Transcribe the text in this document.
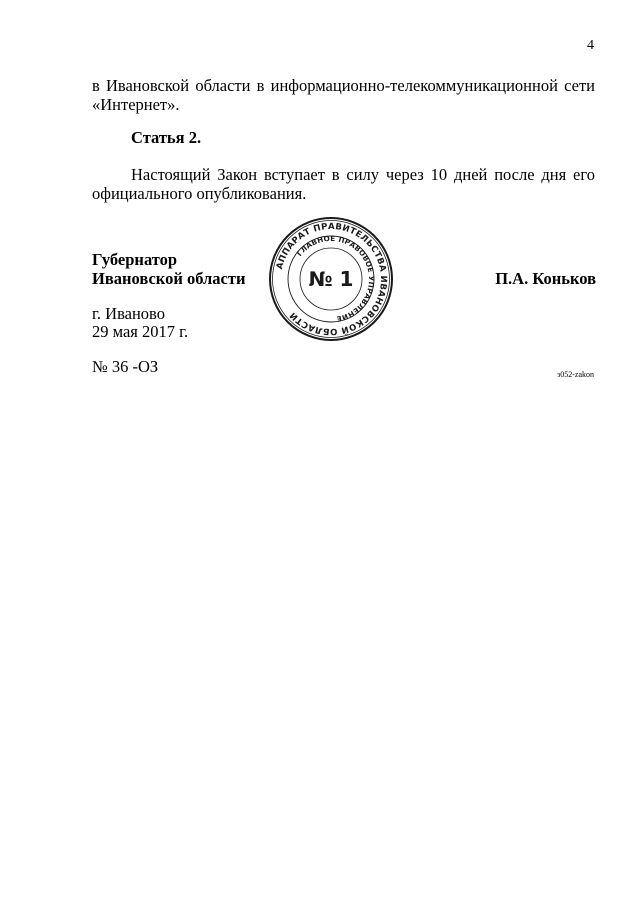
4
в Ивановской области в информационно-телекоммуникационной сети
«Интернет».
Статья 2.
Настоящий Закон вступает в силу через 10 дней после дня его
официального опубликования.
Губернатор
Ивановской области	П.А. Коньков
АППАРАТ ПРАВИТЕЛЬСТВА ИВАНОВСКОЙ ОБЛАСТИ
ГЛАВНОЕ ПРАВОВОЕ УПРАВЛЕНИЕ
№ 1
г. Иваново
29 мая 2017 г.
№ 36 -ОЗ	з052-zakon
